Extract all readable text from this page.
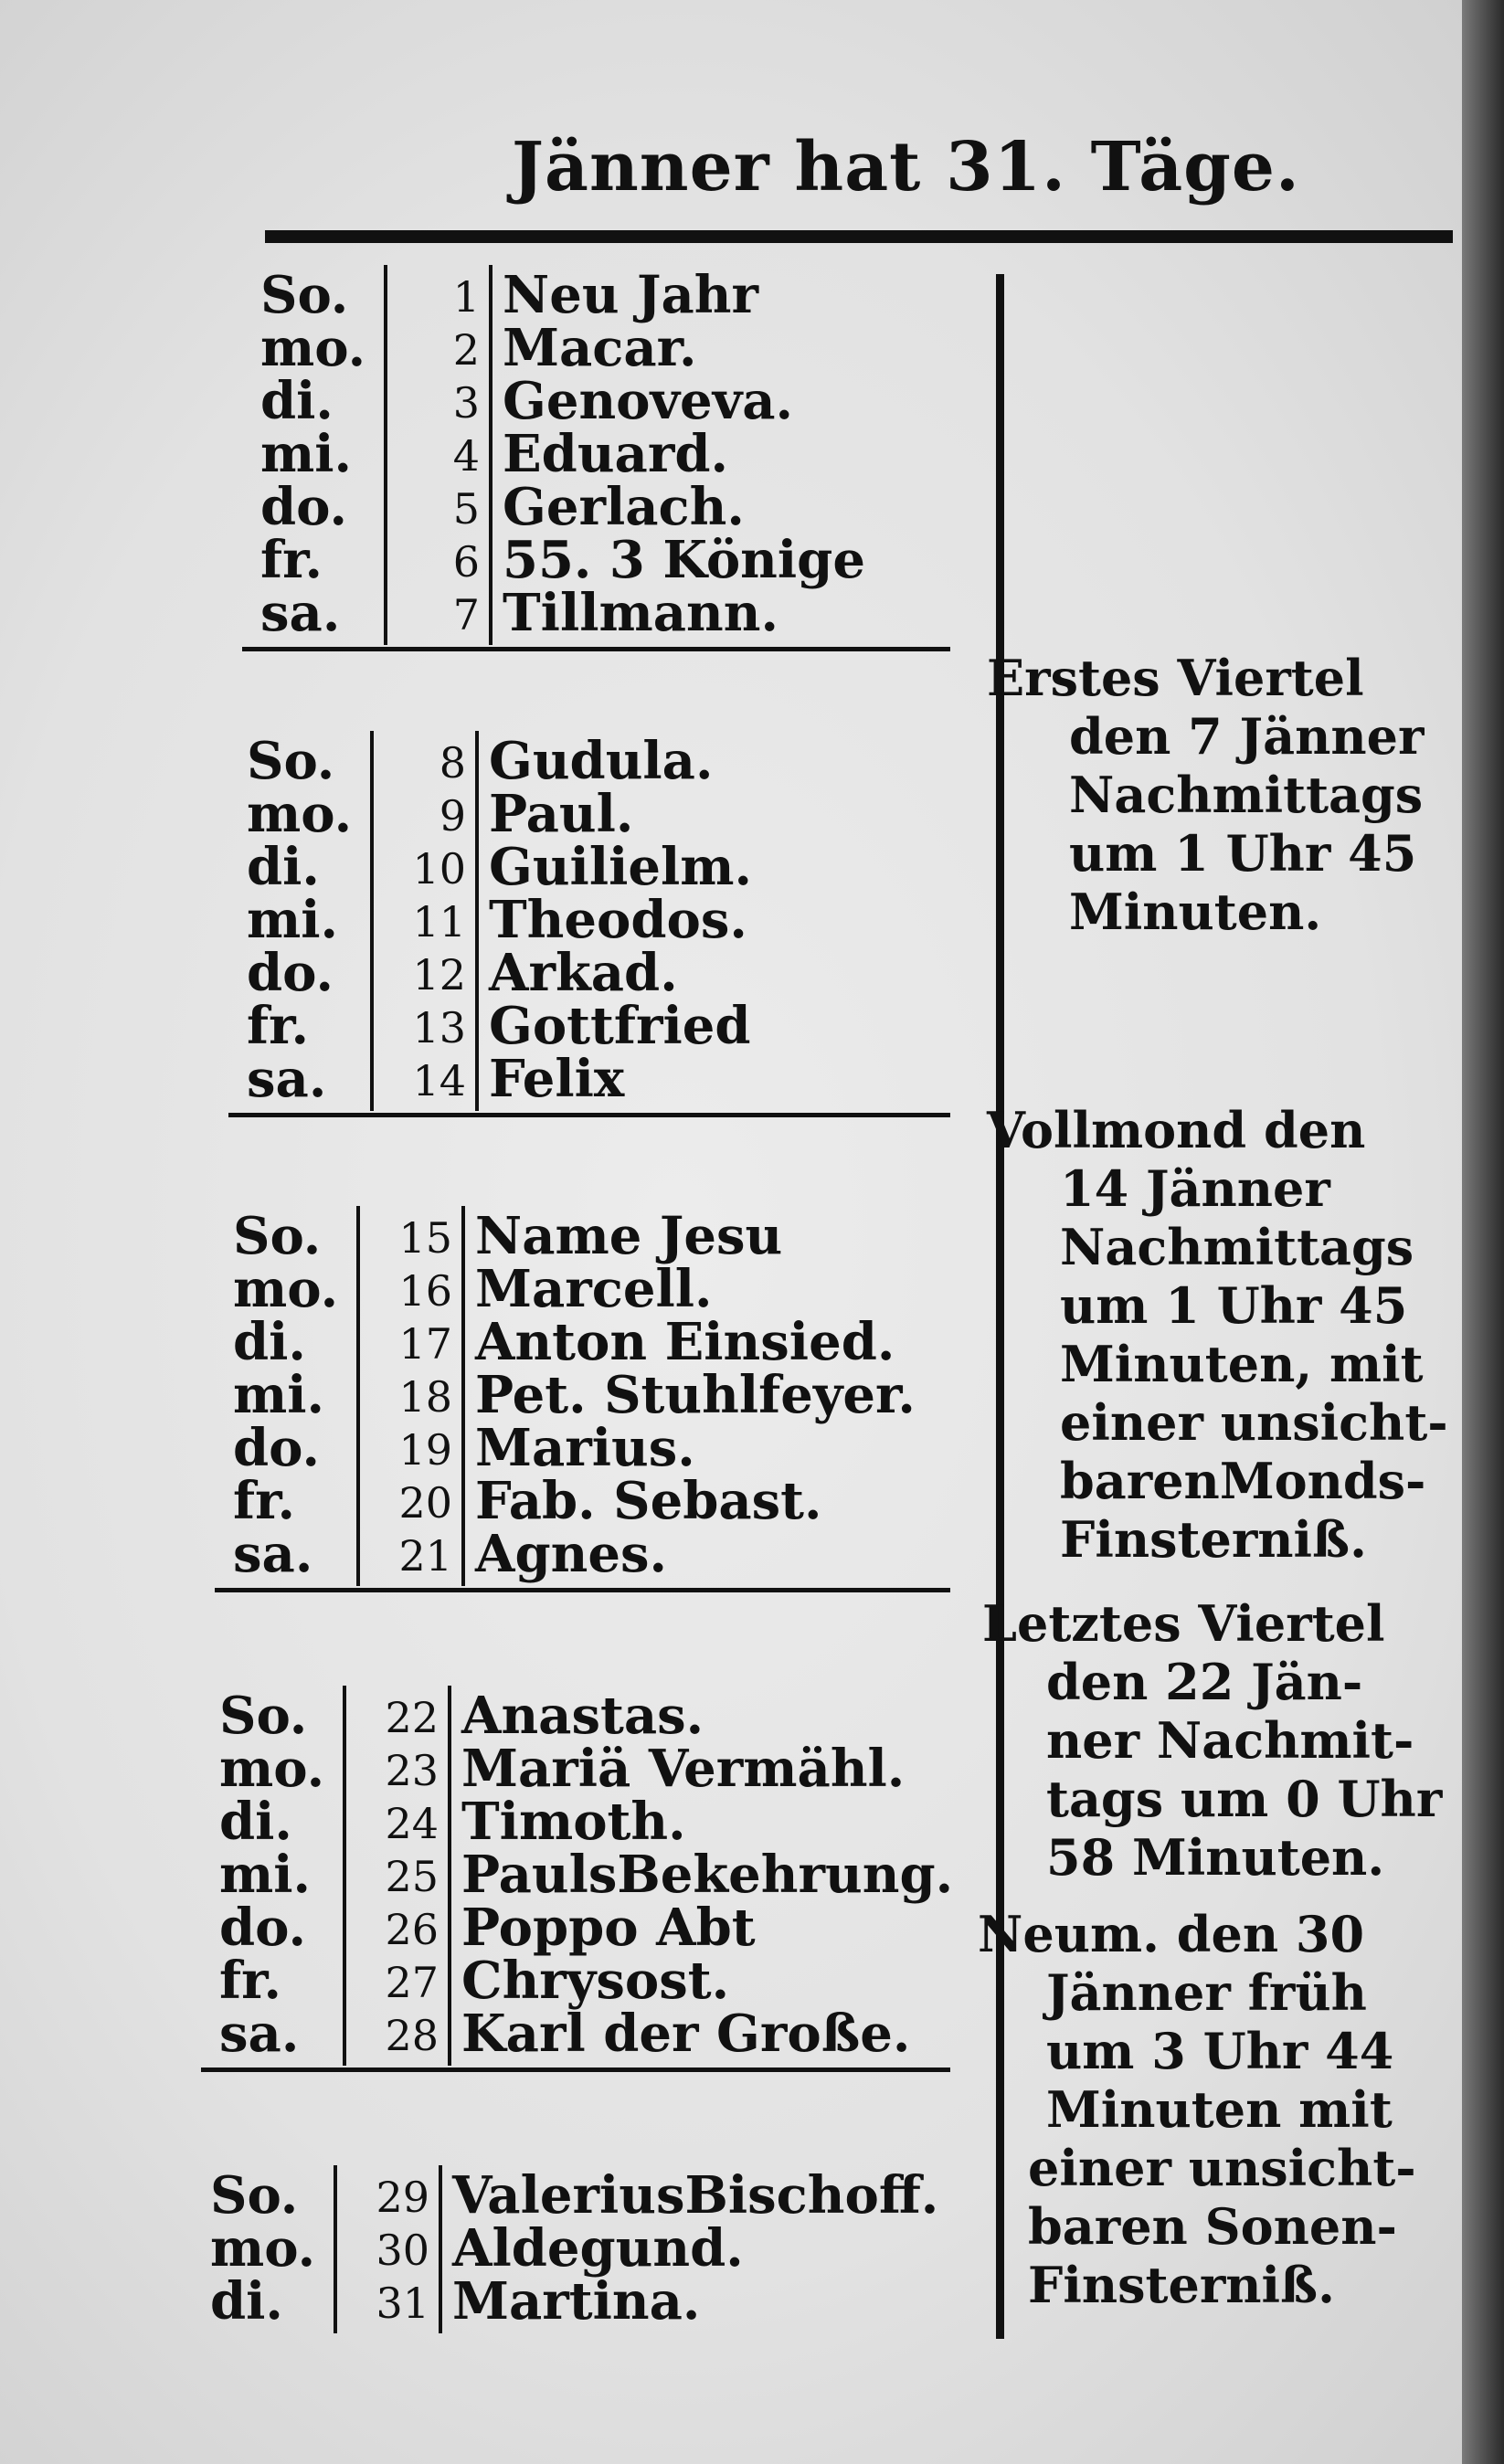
Jänner hat 31. Täge.
So.	1 Neu Jahr
mo.	2 Macar.
di.	3 Genoveva.
mi.	4 Eduard.
do.	5 Gerlach.
fr.	6 55. 3 Könige
sa.	7 Tillmann.
So.	8 Gudula.
mo.	9 Paul.
di. 10 Guilielm.
mi. 11 Theodos.
do. 12 Arkad.
fr. 13 Gottfried
sa. 14 Felix
So. 15 Name Jesu
mo. 16 Marcell.
di. 17 Anton Einsied.
mi. 18 Pet. Stuhlfeyer.
do. 19 Marius.
fr. 20 Fab. Sebast.
sa. 21 Agnes.
So. 22 Anastas.
mo. 23 Mariä Vermähl.
di. 24 Timoth.
mi. 25 PaulsBekehrung.
do. 26 Poppo Abt
fr. 27 Chrysost.
sa. 28 Karl der Große.
So. 29 ValeriusBischoff.
mo. 30 Aldegund.
di. 31 Martina.
Erstes Viertel
den 7 Jänner
Nachmittags
um 1 Uhr 45
Minuten.
Vollmond den
14 Jänner
Nachmittags
um 1 Uhr 45
Minuten, mit
einer unsicht-
barenMonds-
Finsterniß.
Letztes Viertel
den 22 Jän-
ner Nachmit-
tags um 0 Uhr
58 Minuten.
Neum. den 30
Jänner früh
um 3 Uhr 44
Minuten mit
einer unsicht-
baren Sonen-
Finsterniß.
